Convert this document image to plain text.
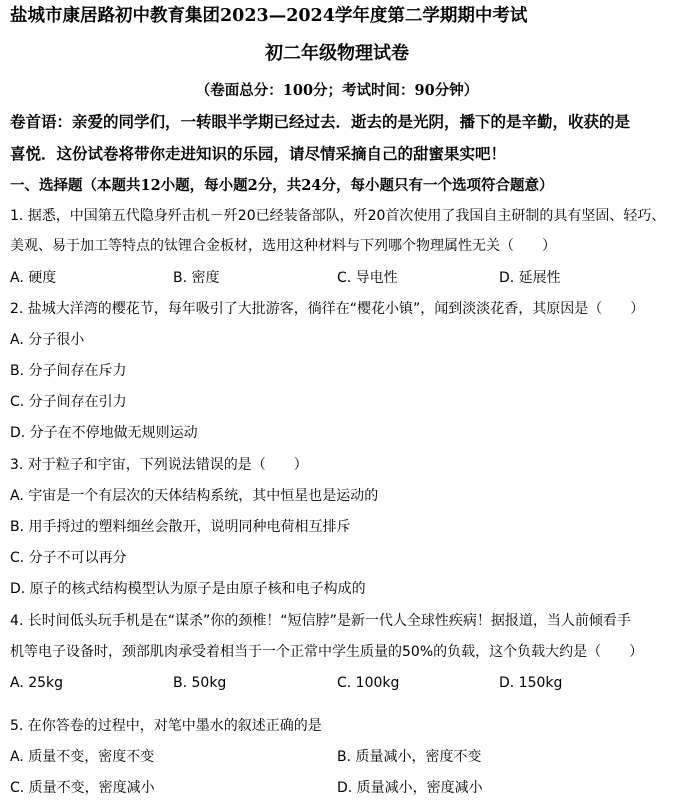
盐城市康居路初中教育集团2023—2024学年度第二学期期中考试
初二年级物理试卷
（卷面总分：100分；考试时间：90分钟）
卷首语：亲爱的同学们，一转眼半学期已经过去．逝去的是光阴，播下的是辛勤，收获的是
喜悦．这份试卷将带你走进知识的乐园，请尽情采摘自己的甜蜜果实吧！
一、选择题（本题共12小题，每小题2分，共24分，每小题只有一个选项符合题意）
1. 据悉，中国第五代隐身歼击机－歼20已经装备部队，歼20首次使用了我国自主研制的具有坚固、轻巧、
美观、易于加工等特点的钛锂合金板材，选用这种材料与下列哪个物理属性无关（　　）
A. 硬度	B. 密度	C. 导电性	D. 延展性
2. 盐城大洋湾的樱花节，每年吸引了大批游客，徜徉在“樱花小镇”，闻到淡淡花香，其原因是（　　）
A. 分子很小
B. 分子间存在斥力
C. 分子间存在引力
D. 分子在不停地做无规则运动
3. 对于粒子和宇宙，下列说法错误的是（　　）
A. 宇宙是一个有层次的天体结构系统，其中恒星也是运动的
B. 用手捋过的塑料细丝会散开，说明同种电荷相互排斥
C. 分子不可以再分
D. 原子的核式结构模型认为原子是由原子核和电子构成的
4. 长时间低头玩手机是在“谋杀”你的颈椎！“短信脖”是新一代人全球性疾病！据报道，当人前倾看手
机等电子设备时，颈部肌肉承受着相当于一个正常中学生质量的50%的负载，这个负载大约是（　　）
A. 25kg	B. 50kg	C. 100kg	D. 150kg
5. 在你答卷的过程中，对笔中墨水的叙述正确的是
A. 质量不变，密度不变	B. 质量减小，密度不变
C. 质量不变，密度减小	D. 质量减小，密度减小
